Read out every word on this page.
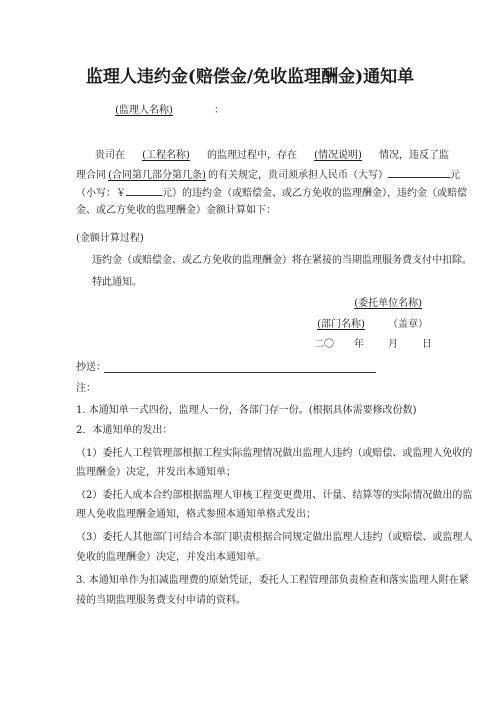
监理人违约金(赔偿金/免收监理酬金)通知单
(监理人名称)	：
贵司在 (工程名称) 的监理过程中，存在 (情况说明) 情况，违反了监
理合同 (合同第几部分第几条) 的有关规定，贵司须承担人民币（大写）	元
（小写：￥	元）的违约金（或赔偿金、或乙方免收的监理酬金），违约金（或赔偿
金、或乙方免收的监理酬金）金额计算如下：
(金额计算过程)
违约金（或赔偿金、或乙方免收的监理酬金）将在紧接的当期监理服务费支付中扣除。
特此通知。
(委托单位名称)
(部门名称) （盖章）
二〇 年 月 日
抄送：
注：
1. 本通知单一式四份，监理人一份，各部门存一份。(根据具体需要修改份数)
2．本通知单的发出：
（1）委托人工程管理部根据工程实际监理情况做出监理人违约（或赔偿、或监理人免收的
监理酬金）决定，并发出本通知单；
（2）委托人成本合约部根据监理人审核工程变更费用、计量、结算等的实际情况做出的监
理人免收监理酬金通知，格式参照本通知单格式发出；
（3）委托人其他部门可结合本部门职责根据合同规定做出监理人违约（或赔偿、或监理人
免收的监理酬金）决定，并发出本通知单。
3. 本通知单作为扣减监理费的原始凭证，委托人工程管理部负责检查和落实监理人附在紧
接的当期监理服务费支付申请的资料。
